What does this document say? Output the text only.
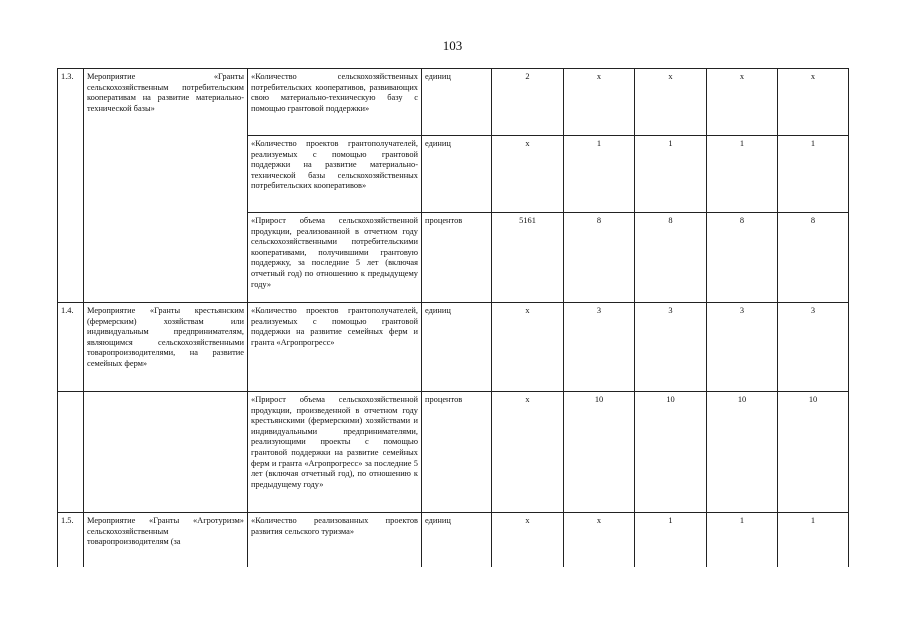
103
1.3.	Мероприятие «Гранты сельскохозяйственным потребительским кооперативам на развитие материально-технической базы»	«Количество сельскохозяйственных потребительских кооперативов, развивающих свою материально-техническую базу с помощью грантовой поддержки»	единиц	2	х	х	х	х
		«Количество проектов грантополучателей, реализуемых с помощью грантовой поддержки на развитие материально-технической базы сельскохозяйственных потребительских кооперативов»	единиц	х	1	1	1	1
		«Прирост объема сельскохозяйственной продукции, реализованной в отчетном году сельскохозяйственными потребительскими кооперативами, получившими грантовую поддержку, за последние 5 лет (включая отчетный год) по отношению к предыдущему году»	процентов	5161	8	8	8	8
1.4.	Мероприятие «Гранты крестьянским (фермерским) хозяйствам или индивидуальным предпринимателям, являющимся сельскохозяйственными товаропроизводителями, на развитие семейных ферм»	«Количество проектов грантополучателей, реализуемых с помощью грантовой поддержки на развитие семейных ферм и гранта «Агропрогресс»	единиц	х	3	3	3	3
		«Прирост объема сельскохозяйственной продукции, произведенной в отчетном году крестьянскими (фермерскими) хозяйствами и индивидуальными предпринимателями, реализующими проекты с помощью грантовой поддержки на развитие семейных ферм и гранта «Агропрогресс» за последние 5 лет (включая отчетный год), по отношению к предыдущему году»	процентов	х	10	10	10	10
1.5.	Мероприятие «Гранты «Агротуризм» сельскохозяйственным товаропроизводителям (за	«Количество реализованных проектов развития сельского туризма»	единиц	х	х	1	1	1
